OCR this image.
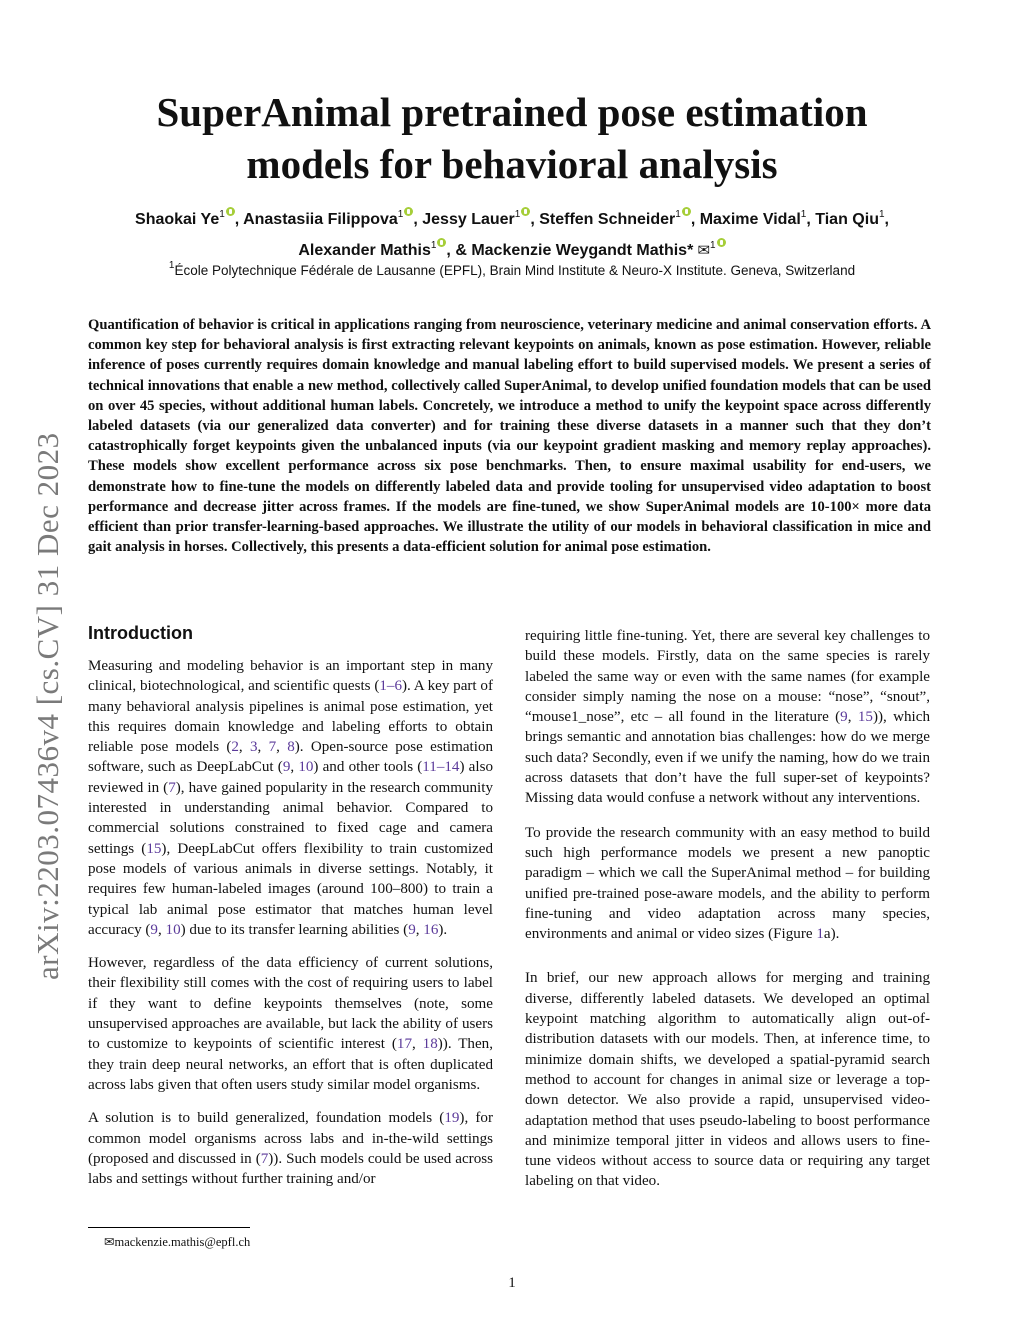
arXiv:2203.07436v4 [cs.CV] 31 Dec 2023
SuperAnimal pretrained pose estimation
models for behavioral analysis
Shaokai Ye$^1$ , Anastasiia Filippova$^1$ , Jessy Lauer$^1$ , Steffen Schneider$^1$ , Maxime Vidal$^1$, Tian Qiu$^1$,
Alexander Mathis$^1$ , & Mackenzie Weygandt Mathis* ✉$^1$
$^1$École Polytechnique Fédérale de Lausanne (EPFL), Brain Mind Institute & Neuro-X Institute. Geneva, Switzerland

Quantification of behavior is critical in applications ranging from neuroscience, veterinary medicine and animal conservation efforts. A common key step for behavioral analysis is first extracting relevant keypoints on animals, known as pose estimation. However, reliable inference of poses currently requires domain knowledge and manual labeling effort to build supervised models. We present a series of technical innovations that enable a new method, collectively called SuperAnimal, to develop unified foundation models that can be used on over 45 species, without additional human labels. Concretely, we introduce a method to unify the keypoint space across differently labeled datasets (via our generalized data converter) and for training these diverse datasets in a manner such that they don’t catastrophically forget keypoints given the unbalanced inputs (via our keypoint gradient masking and memory replay approaches). These models show excellent performance across six pose benchmarks. Then, to ensure maximal usability for end-users, we demonstrate how to fine-tune the models on differently labeled data and provide tooling for unsupervised video adaptation to boost performance and decrease jitter across frames. If the models are fine-tuned, we show SuperAnimal models are 10-100× more data efficient than prior transfer-learning-based approaches. We illustrate the utility of our models in behavioral classification in mice and gait analysis in horses. Collectively, this presents a data-efficient solution for animal pose estimation.

Introduction

Measuring and modeling behavior is an important step in many clinical, biotechnological, and scientific quests (1–6). A key part of many behavioral analysis pipelines is animal pose estimation, yet this requires domain knowledge and labeling efforts to obtain reliable pose models (2, 3, 7, 8). Open-source pose estimation software, such as DeepLabCut (9, 10) and other tools (11–14) also reviewed in (7), have gained popularity in the research community interested in understanding animal behavior. Compared to commercial solutions constrained to fixed cage and camera settings (15), DeepLabCut offers flexibility to train customized pose models of various animals in diverse settings. Notably, it requires few human-labeled images (around 100–800) to train a typical lab animal pose estimator that matches human level accuracy (9, 10) due to its transfer learning abilities (9, 16).

However, regardless of the data efficiency of current solutions, their flexibility still comes with the cost of requiring users to label if they want to define keypoints themselves (note, some unsupervised approaches are available, but lack the ability of users to customize to keypoints of scientific interest (17, 18)). Then, they train deep neural networks, an effort that is often duplicated across labs given that often users study similar model organisms.

A solution is to build generalized, foundation models (19), for common model organisms across labs and in-the-wild settings (proposed and discussed in (7)). Such models could be used across labs and settings without further training and/or

requiring little fine-tuning. Yet, there are several key challenges to build these models. Firstly, data on the same species is rarely labeled the same way or even with the same names (for example consider simply naming the nose on a mouse: “nose”, “snout”, “mouse1_nose”, etc – all found in the literature (9, 15)), which brings semantic and annotation bias challenges: how do we merge such data? Secondly, even if we unify the naming, how do we train across datasets that don’t have the full super-set of keypoints? Missing data would confuse a network without any interventions.

To provide the research community with an easy method to build such high performance models we present a new panoptic paradigm – which we call the SuperAnimal method – for building unified pre-trained pose-aware models, and the ability to perform fine-tuning and video adaptation across many species, environments and animal or video sizes (Figure 1a).

In brief, our new approach allows for merging and training diverse, differently labeled datasets. We developed an optimal keypoint matching algorithm to automatically align out-of-distribution datasets with our models. Then, at inference time, to minimize domain shifts, we developed a spatial-pyramid search method to account for changes in animal size or leverage a top-down detector. We also provide a rapid, unsupervised video-adaptation method that uses pseudo-labeling to boost performance and minimize temporal jitter in videos and allows users to fine-tune videos without access to source data or requiring any target labeling on that video.

✉mackenzie.mathis@epfl.ch
1
